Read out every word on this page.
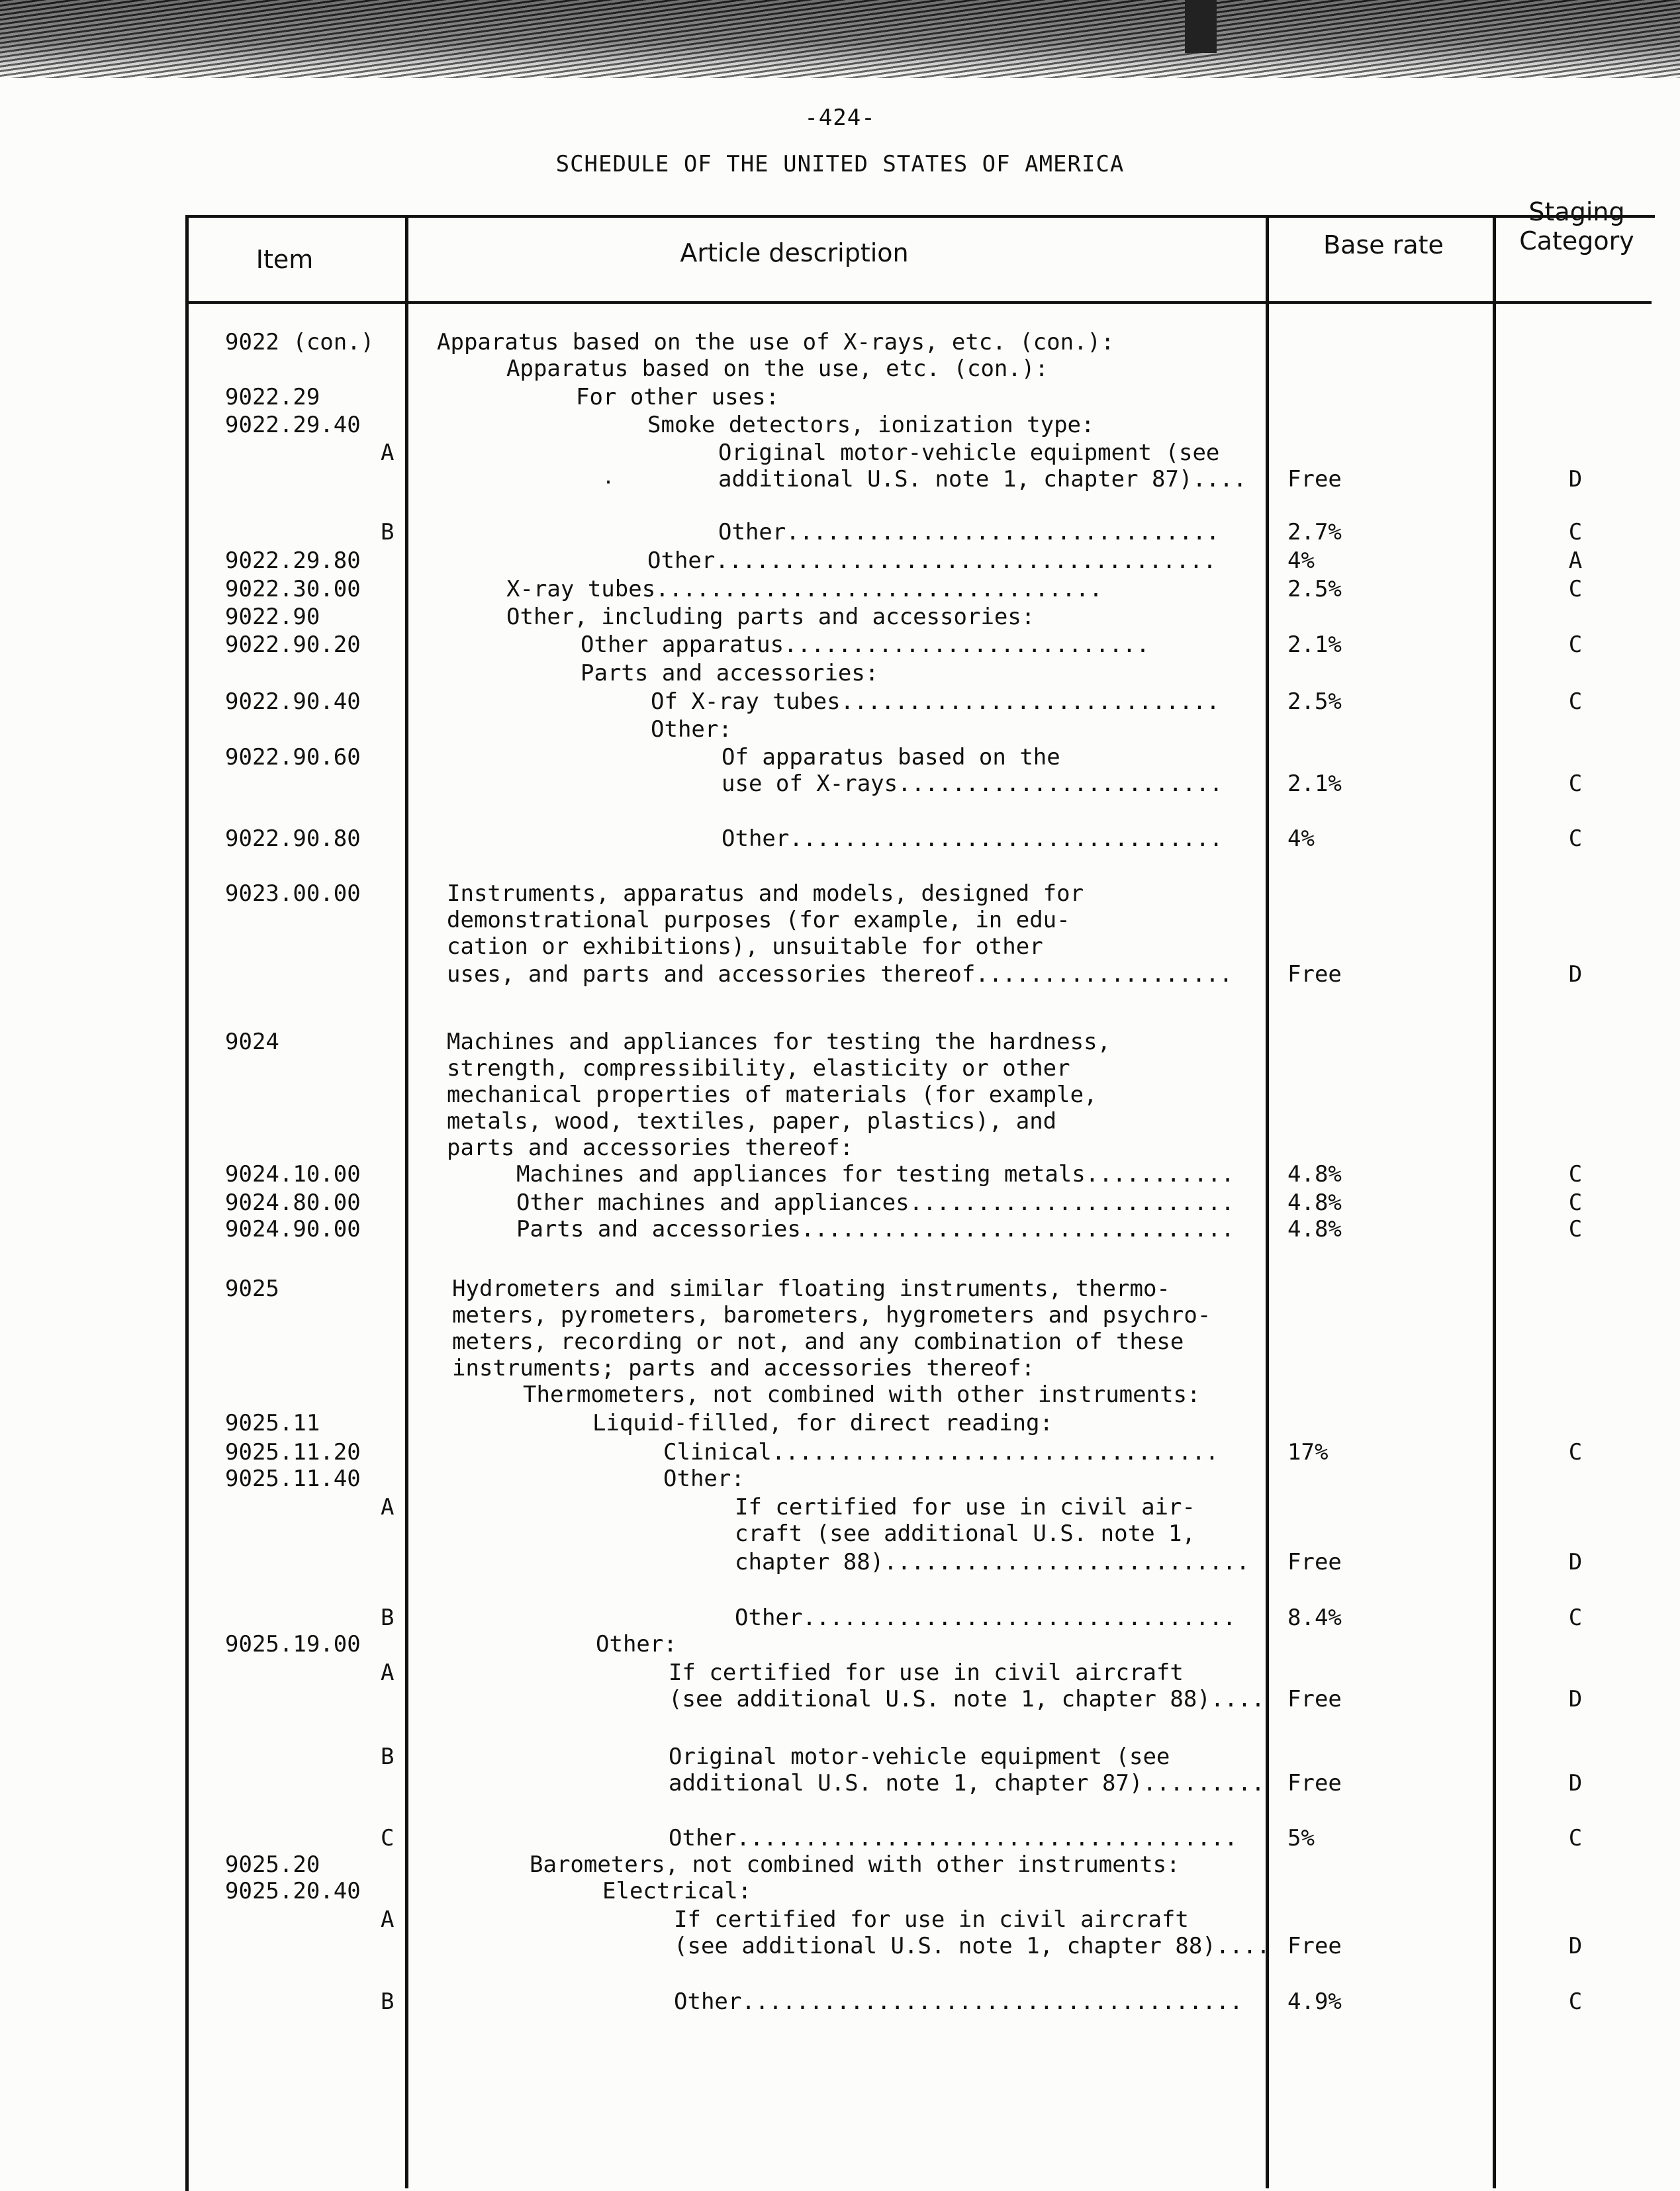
-424-
SCHEDULE OF THE UNITED STATES OF AMERICA
Item	Article description	Base rate
Staging
Category
·
9022 (con.)	Apparatus based on the use of X-rays, etc. (con.):
Apparatus based on the use, etc. (con.):
9022.29	For other uses:
9022.29.40	Smoke detectors, ionization type:
A	Original motor-vehicle equipment (see
additional U.S. note 1, chapter 87).... Free	D
B	Other................................	2.7%	C
9022.29.80	Other.....................................	4%	A
9022.30.00	X-ray tubes.................................	2.5%	C
9022.90	Other, including parts and accessories:
9022.90.20	Other apparatus...........................	2.1%	C
Parts and accessories:
9022.90.40	Of X-ray tubes............................	2.5%	C
Other:
9022.90.60	Of apparatus based on the
use of X-rays........................	2.1%	C
9022.90.80	Other................................	4%	C
9023.00.00	Instruments, apparatus and models, designed for
demonstrational purposes (for example, in edu-
cation or exhibitions), unsuitable for other
uses, and parts and accessories thereof................... Free	D
9024	Machines and appliances for testing the hardness,
strength, compressibility, elasticity or other
mechanical properties of materials (for example,
metals, wood, textiles, paper, plastics), and
parts and accessories thereof:
9024.10.00	Machines and appliances for testing metals........... 4.8%	C
9024.80.00	Other machines and appliances........................ 4.8%	C
9024.90.00	Parts and accessories................................ 4.8%	C
9025	Hydrometers and similar floating instruments, thermo-
meters, pyrometers, barometers, hygrometers and psychro-
meters, recording or not, and any combination of these
instruments; parts and accessories thereof:
Thermometers, not combined with other instruments:
9025.11	Liquid-filled, for direct reading:
9025.11.20	Clinical.................................	17%	C
9025.11.40	Other:
A	If certified for use in civil air-
craft (see additional U.S. note 1,
chapter 88)........................... Free	D
B	Other................................ 8.4%	C
9025.19.00	Other:
A	If certified for use in civil aircraft
(see additional U.S. note 1, chapter 88).... Free	D
B	Original motor-vehicle equipment (see
additional U.S. note 1, chapter 87)......... Free	D
C	Other..................................... 5%	C
9025.20	Barometers, not combined with other instruments:
9025.20.40	Electrical:
A	If certified for use in civil aircraft
(see additional U.S. note 1, chapter 88).... Free	D
B	Other..................................... 4.9%	C
